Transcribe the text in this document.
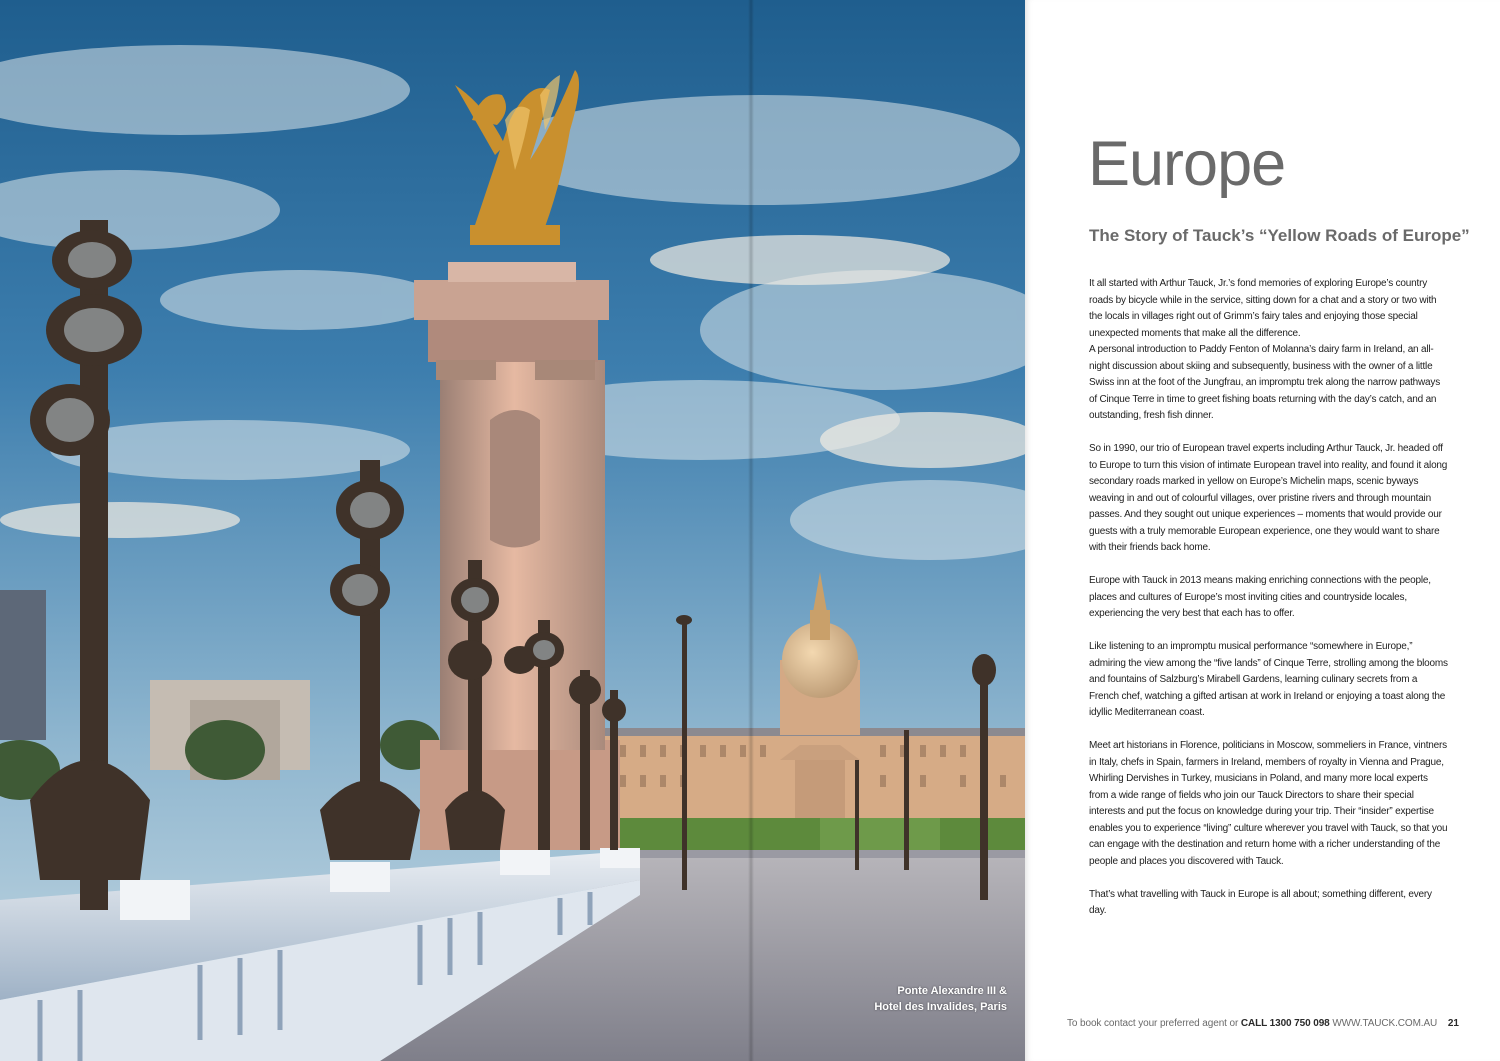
Ponte Alexandre III &
Hotel des Invalides, Paris
Europe
The Story of Tauck’s “Yellow Roads of Europe”

It all started with Arthur Tauck, Jr.’s fond memories of exploring Europe’s country roads by bicycle while in the service, sitting down for a chat and a story or two with the locals in villages right out of Grimm’s fairy tales and enjoying those special unexpected moments that make all the difference.

A personal introduction to Paddy Fenton of Molanna’s dairy farm in Ireland, an all-night discussion about skiing and subsequently, business with the owner of a little Swiss inn at the foot of the Jungfrau, an impromptu trek along the narrow pathways of Cinque Terre in time to greet fishing boats returning with the day’s catch, and an outstanding, fresh fish dinner.

So in 1990, our trio of European travel experts including Arthur Tauck, Jr. headed off to Europe to turn this vision of intimate European travel into reality, and found it along secondary roads marked in yellow on Europe’s Michelin maps, scenic byways weaving in and out of colourful villages, over pristine rivers and through mountain passes. And they sought out unique experiences – moments that would provide our guests with a truly memorable European experience, one they would want to share with their friends back home.

Europe with Tauck in 2013 means making enriching connections with the people, places and cultures of Europe’s most inviting cities and countryside locales, experiencing the very best that each has to offer.

Like listening to an impromptu musical performance “somewhere in Europe,” admiring the view among the “five lands” of Cinque Terre, strolling among the blooms and fountains of Salzburg’s Mirabell Gardens, learning culinary secrets from a French chef, watching a gifted artisan at work in Ireland or enjoying a toast along the idyllic Mediterranean coast.

Meet art historians in Florence, politicians in Moscow, sommeliers in France, vintners in Italy, chefs in Spain, farmers in Ireland, members of royalty in Vienna and Prague, Whirling Dervishes in Turkey, musicians in Poland, and many more local experts from a wide range of fields who join our Tauck Directors to share their special interests and put the focus on knowledge during your trip. Their “insider” expertise enables you to experience “living” culture wherever you travel with Tauck, so that you can engage with the destination and return home with a richer understanding of the people and places you discovered with Tauck.

That’s what travelling with Tauck in Europe is all about; something different, every day.

To book contact your preferred agent or CALL 1300 750 098 WWW.TAUCK.COM.AU 21
